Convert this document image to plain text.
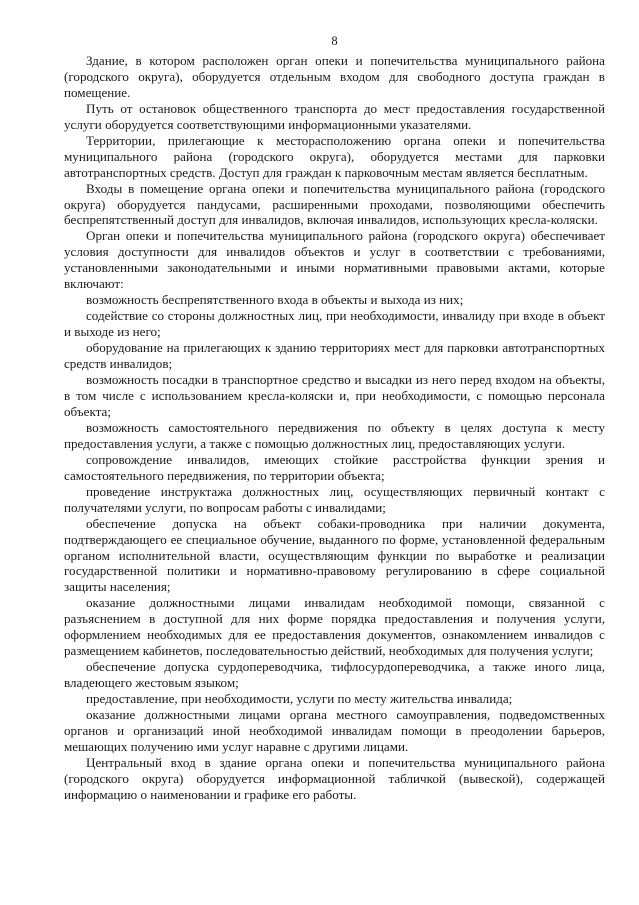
8

Здание, в котором расположен орган опеки и попечительства муниципального района (городского округа), оборудуется отдельным входом для свободного доступа граждан в помещение.

Путь от остановок общественного транспорта до мест предоставления государственной услуги оборудуется соответствующими информационными указателями.

Территории, прилегающие к месторасположению органа опеки и попечительства муниципального района (городского округа), оборудуется местами для парковки автотранспортных средств. Доступ для граждан к парковочным местам является бесплатным.

Входы в помещение органа опеки и попечительства муниципального района (городского округа) оборудуется пандусами, расширенными проходами, позволяющими обеспечить беспрепятственный доступ для инвалидов, включая инвалидов, использующих кресла-коляски.

Орган опеки и попечительства муниципального района (городского округа) обеспечивает условия доступности для инвалидов объектов и услуг в соответствии с требованиями, установленными законодательными и иными нормативными правовыми актами, которые включают:

возможность беспрепятственного входа в объекты и выхода из них;

содействие со стороны должностных лиц, при необходимости, инвалиду при входе в объект и выходе из него;

оборудование на прилегающих к зданию территориях мест для парковки автотранспортных средств инвалидов;

возможность посадки в транспортное средство и высадки из него перед входом на объекты, в том числе с использованием кресла-коляски и, при необходимости, с помощью персонала объекта;

возможность самостоятельного передвижения по объекту в целях доступа к месту предоставления услуги, а также с помощью должностных лиц, предоставляющих услуги.

сопровождение инвалидов, имеющих стойкие расстройства функции зрения и самостоятельного передвижения, по территории объекта;

проведение инструктажа должностных лиц, осуществляющих первичный контакт с получателями услуги, по вопросам работы с инвалидами;

обеспечение допуска на объект собаки-проводника при наличии документа, подтверждающего ее специальное обучение, выданного по форме, установленной федеральным органом исполнительной власти, осуществляющим функции по выработке и реализации государственной политики и нормативно-правовому регулированию в сфере социальной защиты населения;

оказание должностными лицами инвалидам необходимой помощи, связанной с разъяснением в доступной для них форме порядка предоставления и получения услуги, оформлением необходимых для ее предоставления документов, ознакомлением инвалидов с размещением кабинетов, последовательностью действий, необходимых для получения услуги;

обеспечение допуска сурдопереводчика, тифлосурдопереводчика, а также иного лица, владеющего жестовым языком;

предоставление, при необходимости, услуги по месту жительства инвалида;

оказание должностными лицами органа местного самоуправления, подведомственных органов и организаций иной необходимой инвалидам помощи в преодолении барьеров, мешающих получению ими услуг наравне с другими лицами.

Центральный вход в здание органа опеки и попечительства муниципального района (городского округа) оборудуется информационной табличкой (вывеской), содержащей информацию о наименовании и графике его работы.
